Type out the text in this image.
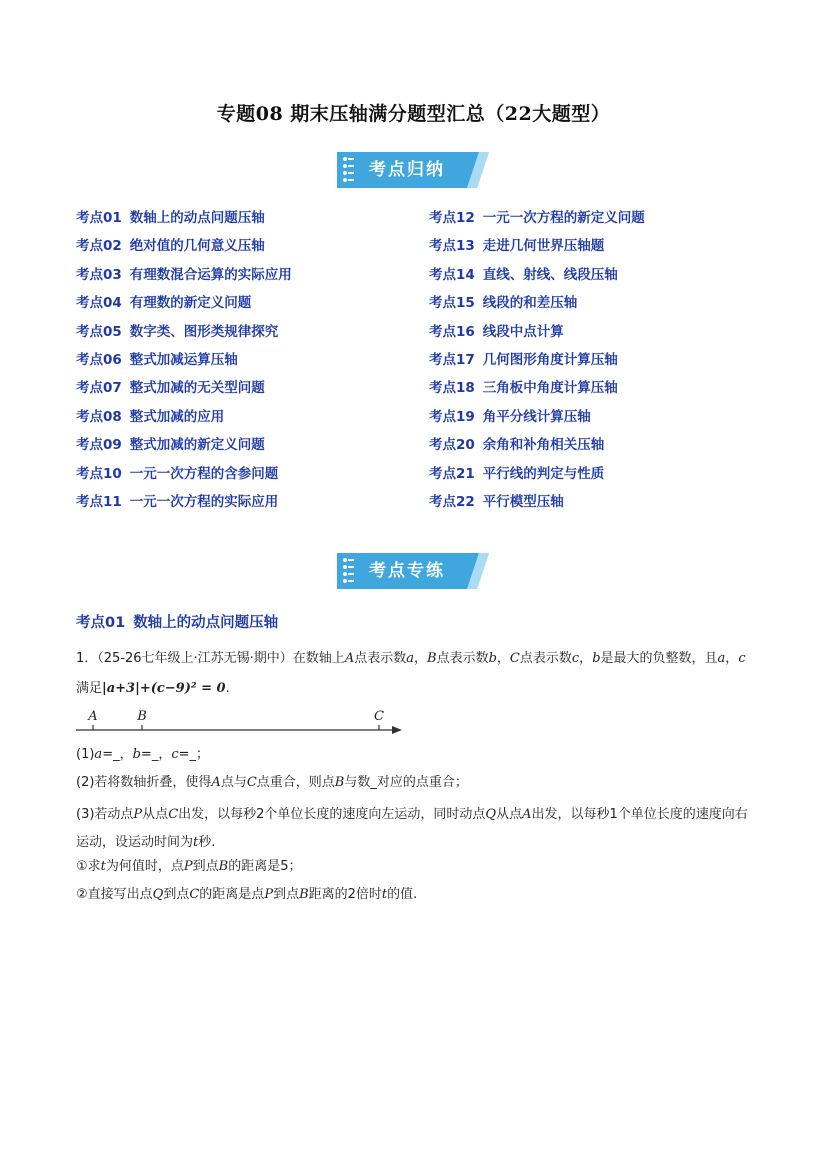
专题08 期末压轴满分题型汇总（22大题型）
考点归纳
考点01 数轴上的动点问题压轴
考点02 绝对值的几何意义压轴
考点03 有理数混合运算的实际应用
考点04 有理数的新定义问题
考点05 数字类、图形类规律探究
考点06 整式加减运算压轴
考点07 整式加减的无关型问题
考点08 整式加减的应用
考点09 整式加减的新定义问题
考点10 一元一次方程的含参问题
考点11 一元一次方程的实际应用
考点12 一元一次方程的新定义问题
考点13 走进几何世界压轴题
考点14 直线、射线、线段压轴
考点15 线段的和差压轴
考点16 线段中点计算
考点17 几何图形角度计算压轴
考点18 三角板中角度计算压轴
考点19 角平分线计算压轴
考点20 余角和补角相关压轴
考点21 平行线的判定与性质
考点22 平行模型压轴
考点专练
考点01 数轴上的动点问题压轴
1．（25-26七年级上·江苏无锡·期中）在数轴上A点表示数a，B点表示数b，C点表示数c，b是最大的负整数，且a，c满足|a+3|+(c−9)² = 0.
A	B	C
(1)a=_，b=_，c=_；
(2)若将数轴折叠，使得A点与C点重合，则点B与数_对应的点重合；
(3)若动点P从点C出发，以每秒2个单位长度的速度向左运动，同时动点Q从点A出发，以每秒1个单位长度的速度向右运动，设运动时间为t秒.
①求t为何值时，点P到点B的距离是5；
②直接写出点Q到点C的距离是点P到点B距离的2倍时t的值.
